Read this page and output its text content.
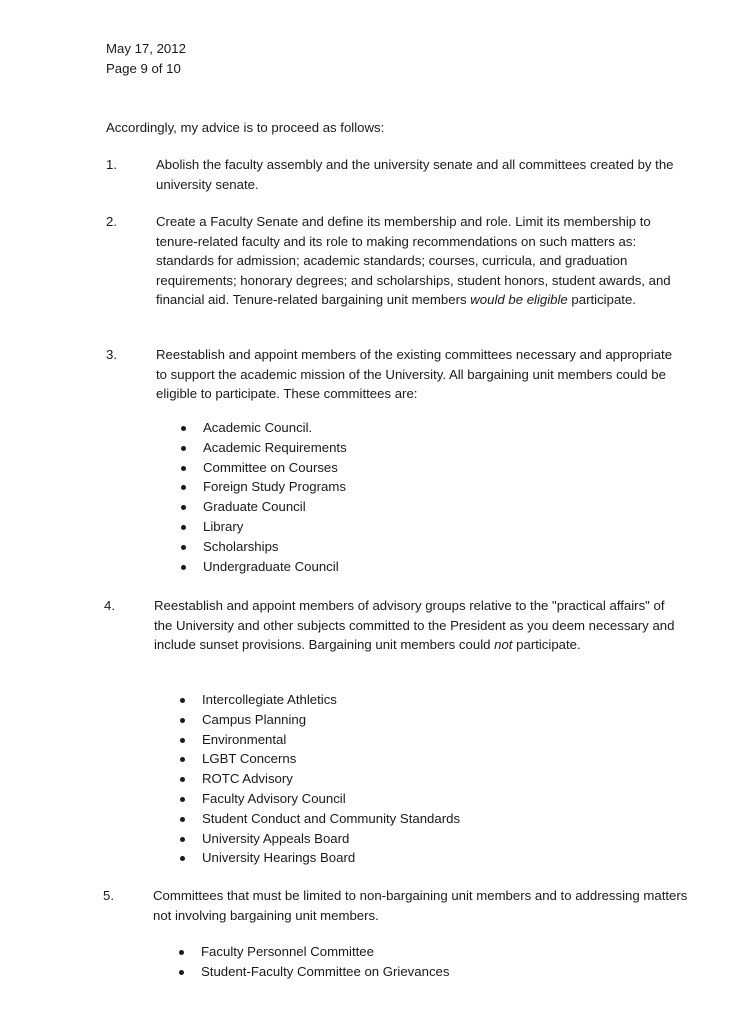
May 17, 2012
Page 9 of 10
Accordingly, my advice is to proceed as follows:
1.	Abolish the faculty assembly and the university senate and all committees created by the university senate.
2.	Create a Faculty Senate and define its membership and role. Limit its membership to tenure-related faculty and its role to making recommendations on such matters as: standards for admission; academic standards; courses, curricula, and graduation requirements; honorary degrees; and scholarships, student honors, student awards, and financial aid. Tenure-related bargaining unit members would be eligible participate.
3.	Reestablish and appoint members of the existing committees necessary and appropriate to support the academic mission of the University. All bargaining unit members could be eligible to participate. These committees are:
Academic Council.
Academic Requirements
Committee on Courses
Foreign Study Programs
Graduate Council
Library
Scholarships
Undergraduate Council
4.	Reestablish and appoint members of advisory groups relative to the "practical affairs" of the University and other subjects committed to the President as you deem necessary and include sunset provisions. Bargaining unit members could not participate.
Intercollegiate Athletics
Campus Planning
Environmental
LGBT Concerns
ROTC Advisory
Faculty Advisory Council
Student Conduct and Community Standards
University Appeals Board
University Hearings Board
5.	Committees that must be limited to non-bargaining unit members and to addressing matters not involving bargaining unit members.
Faculty Personnel Committee
Student-Faculty Committee on Grievances
